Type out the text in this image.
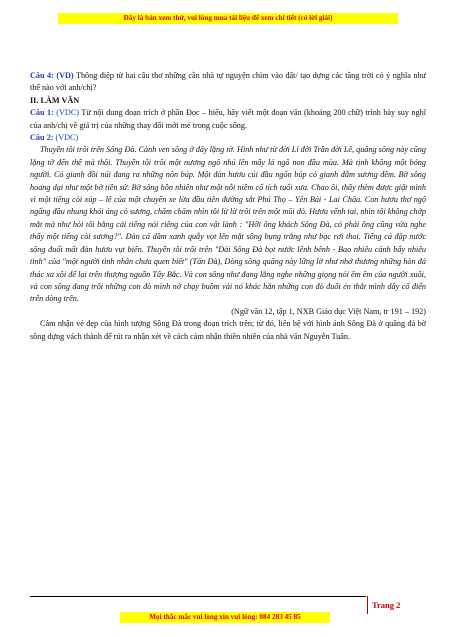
Đây là bản xem thử, vui lòng mua tài liệu để xem chi tiết (có lời giải)

Câu 4: (VD) Thông điệp từ hai câu thơ những cần nhà tự nguyện chìm vào đất/ tạo dựng các tầng trời có ý nghĩa như thế nào với anh/chị?

II. LÀM VĂN

Câu 1: (VDC) Từ nội dung đoạn trích ở phần Đọc – hiểu, hãy viết một đoạn văn (khoảng 200 chữ) trình bày suy nghĩ của anh/chị về giá trị của những thay đổi mới mẻ trong cuộc sống.

Câu 2: (VDC)

Thuyền tôi trôi trên Sông Đà. Cảnh ven sông ở đây lặng tờ. Hình như từ đời Lí đời Trần đời Lê, quãng sông này cũng lặng tờ đến thế mà thôi. Thuyền tôi trôi một nương ngô nhú lên mấy lá ngô non đầu mùa. Mà tịnh không một bóng người. Cỏ gianh đồi núi đang ra những nõn búp. Một đàn hươu cúi đầu ngốn búp cỏ gianh đẫm sương đêm. Bờ sông hoang dại như một bờ tiền sử. Bờ sông hồn nhiên như một nỗi niềm cổ tích tuổi xưa. Chao ôi, thấy thèm được giật mình vì một tiếng còi xúp – lê của một chuyến xe lửa đầu tiên đường sắt Phú Thọ – Yên Bái - Lai Châu. Con hươu thơ ngộ ngẩng đầu nhung khỏi áng cỏ sương, chăm chăm nhìn tôi lừ lừ trôi trên một mũi đò. Hươu vểnh tai, nhìn tôi không chớp mắt mà như hỏi tôi bằng cái tiếng nói riêng của con vật lành : "Hỡi ông khách Sông Đà, có phải ông cũng vừa nghe thấy một tiếng còi sương?". Đàn cá dầm xanh quẫy vọt lên mặt sông bụng trắng như bạc rơi thoi. Tiếng cá đập nước sông đuổi mất đàn hươu vụt biến. Thuyền tôi trôi trên "Dải Sông Đà bọt nước lênh bênh - Bao nhiêu cảnh bấy nhiêu tình" của "một người tình nhân chưa quen biết" (Tản Đà), Dòng sông quãng này lững lờ như nhớ thương những hòn đá thác xa xôi để lại trên thượng nguồn Tây Bắc. Và con sông như đang lắng nghe những giọng nói êm êm của người xuôi, và con sông đang trôi những con đò mình nở chạy buồm vải nó khác hẳn những con đò đuôi én thắt mình dây cổ điển trên dòng trên.

(Ngữ văn 12, tập 1, NXB Giáo dục Việt Nam, tr 191 – 192)

Cảm nhận vẻ đẹp của hình tượng Sông Đà trong đoạn trích trên; từ đó, liên hệ với hình ảnh Sông Đà ở quãng đá bờ sông dựng vách thành để rút ra nhận xét về cách cảm nhận thiên nhiên của nhà văn Nguyễn Tuân.

Trang 2
Mọi thắc mắc vui lòng xin vui lòng: 084 283 45 85
